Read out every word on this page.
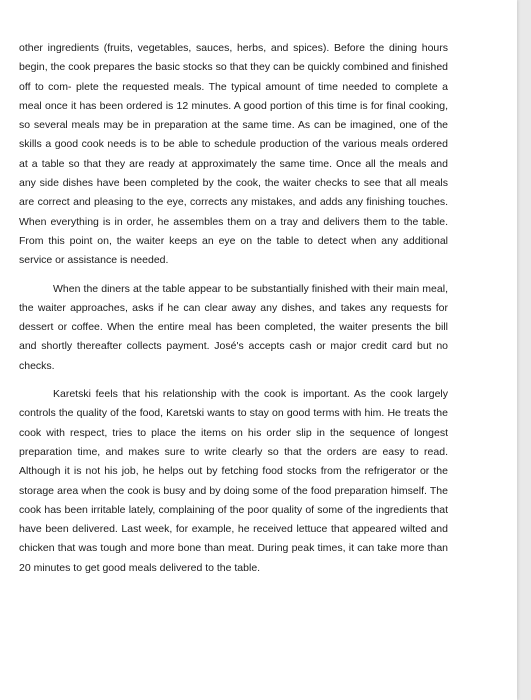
other ingredients (fruits, vegetables, sauces, herbs, and spices). Before the dining hours begin, the cook prepares the basic stocks so that they can be quickly combined and finished off to com- plete the requested meals. The typical amount of time needed to complete a meal once it has been ordered is 12 minutes. A good portion of this time is for final cooking, so several meals may be in preparation at the same time. As can be imagined, one of the skills a good cook needs is to be able to schedule production of the various meals ordered at a table so that they are ready at approximately the same time. Once all the meals and any side dishes have been completed by the cook, the waiter checks to see that all meals are correct and pleasing to the eye, corrects any mistakes, and adds any finishing touches. When everything is in order, he assembles them on a tray and delivers them to the table. From this point on, the waiter keeps an eye on the table to detect when any additional service or assistance is needed.

When the diners at the table appear to be substantially finished with their main meal, the waiter approaches, asks if he can clear away any dishes, and takes any requests for dessert or coffee. When the entire meal has been completed, the waiter presents the bill and shortly thereafter collects payment. José's accepts cash or major credit card but no checks.

Karetski feels that his relationship with the cook is important. As the cook largely controls the quality of the food, Karetski wants to stay on good terms with him. He treats the cook with respect, tries to place the items on his order slip in the sequence of longest preparation time, and makes sure to write clearly so that the orders are easy to read. Although it is not his job, he helps out by fetching food stocks from the refrigerator or the storage area when the cook is busy and by doing some of the food preparation himself. The cook has been irritable lately, complaining of the poor quality of some of the ingredients that have been delivered. Last week, for example, he received lettuce that appeared wilted and chicken that was tough and more bone than meat. During peak times, it can take more than 20 minutes to get good meals delivered to the table.
